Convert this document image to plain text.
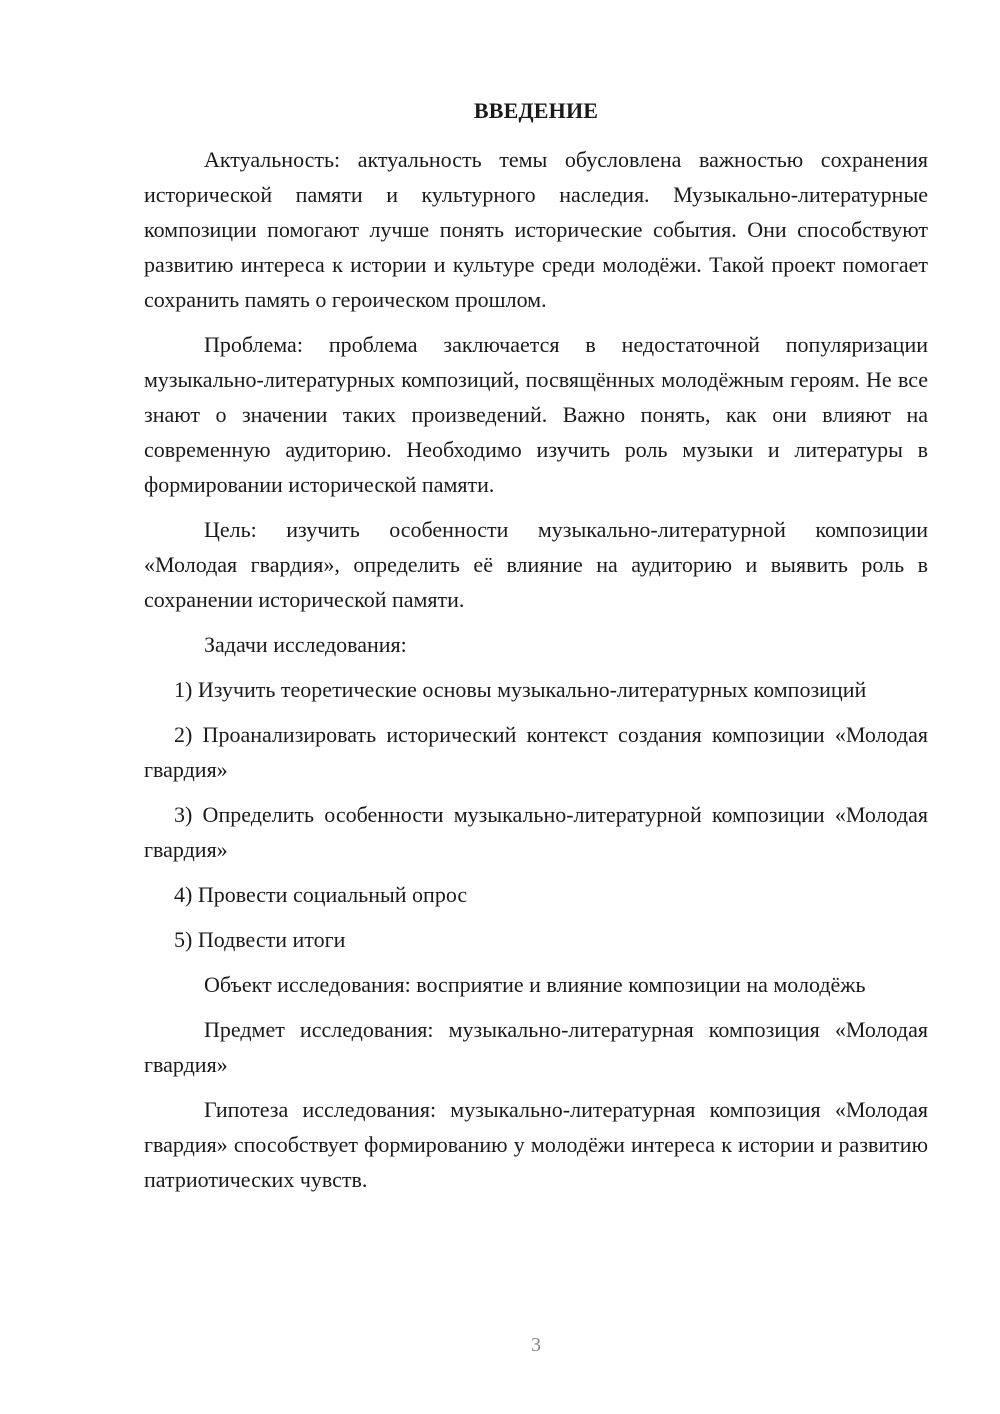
ВВЕДЕНИЕ

Актуальность: актуальность темы обусловлена важностью сохранения исторической памяти и культурного наследия. Музыкально-литературные композиции помогают лучше понять исторические события. Они способствуют развитию интереса к истории и культуре среди молодёжи. Такой проект помогает сохранить память о героическом прошлом.

Проблема: проблема заключается в недостаточной популяризации музыкально-литературных композиций, посвящённых молодёжным героям. Не все знают о значении таких произведений. Важно понять, как они влияют на современную аудиторию. Необходимо изучить роль музыки и литературы в формировании исторической памяти.

Цель: изучить особенности музыкально-литературной композиции «Молодая гвардия», определить её влияние на аудиторию и выявить роль в сохранении исторической памяти.

Задачи исследования:

1) Изучить теоретические основы музыкально-литературных композиций

2) Проанализировать исторический контекст создания композиции «Молодая гвардия»

3) Определить особенности музыкально-литературной композиции «Молодая гвардия»

4) Провести социальный опрос

5) Подвести итоги

Объект исследования: восприятие и влияние композиции на молодёжь

Предмет исследования: музыкально-литературная композиция «Молодая гвардия»

Гипотеза исследования: музыкально-литературная композиция «Молодая гвардия» способствует формированию у молодёжи интереса к истории и развитию патриотических чувств.

3
